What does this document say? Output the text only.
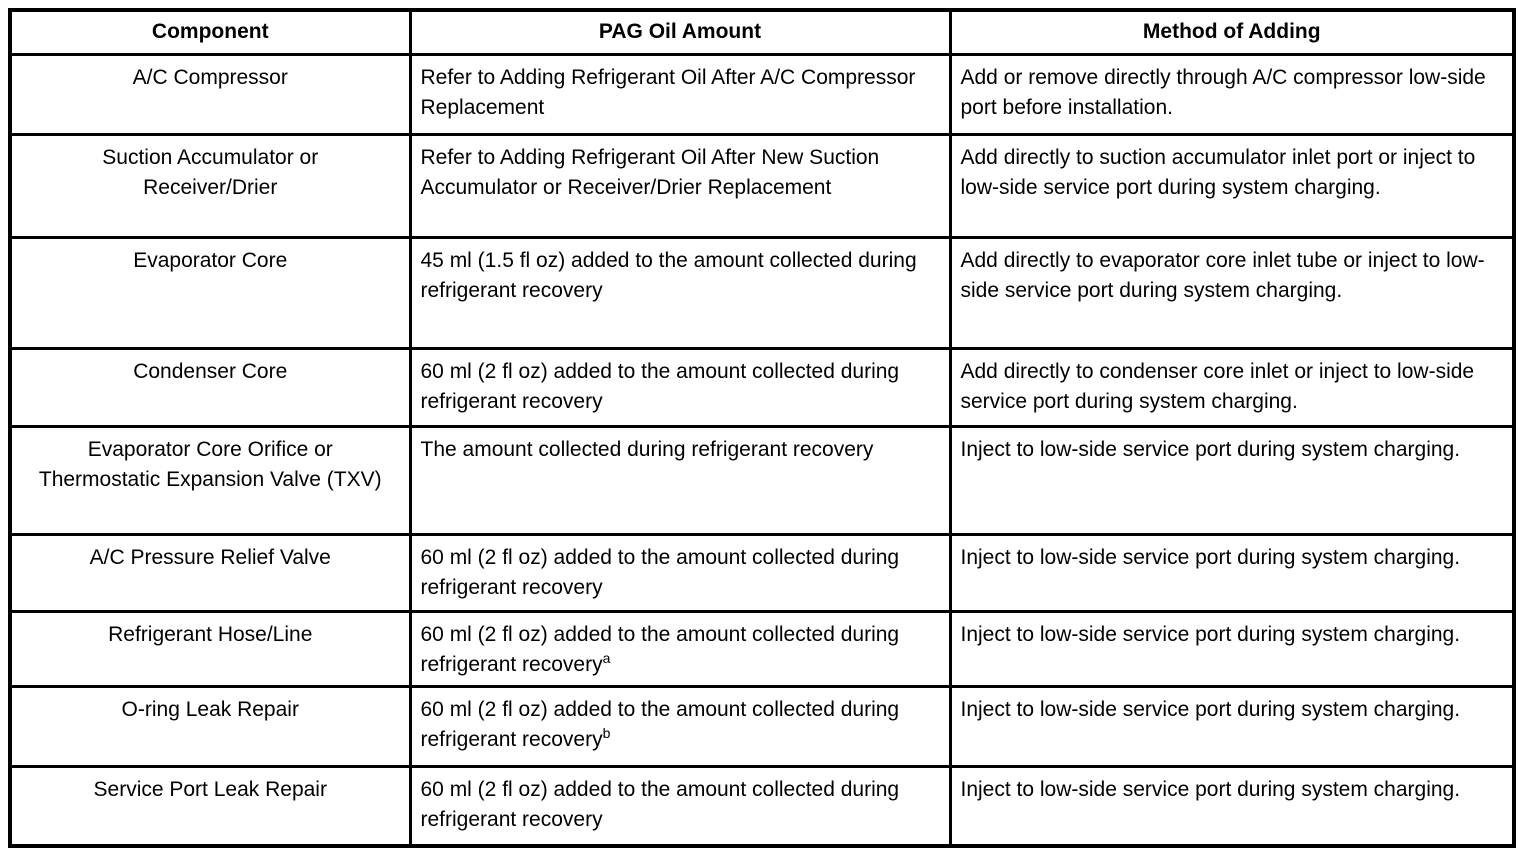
Component	PAG Oil Amount	Method of Adding
A/C Compressor	Refer to Adding Refrigerant Oil After A/C Compressor Replacement	Add or remove directly through A/C compressor low-side port before installation.
Suction Accumulator or Receiver/Drier	Refer to Adding Refrigerant Oil After New Suction Accumulator or Receiver/Drier Replacement	Add directly to suction accumulator inlet port or inject to low-side service port during system charging.
Evaporator Core	45 ml (1.5 fl oz) added to the amount collected during refrigerant recovery	Add directly to evaporator core inlet tube or inject to low-side service port during system charging.
Condenser Core	60 ml (2 fl oz) added to the amount collected during refrigerant recovery	Add directly to condenser core inlet or inject to low-side service port during system charging.
Evaporator Core Orifice or Thermostatic Expansion Valve (TXV)	The amount collected during refrigerant recovery	Inject to low-side service port during system charging.
A/C Pressure Relief Valve	60 ml (2 fl oz) added to the amount collected during refrigerant recovery	Inject to low-side service port during system charging.
Refrigerant Hose/Line	60 ml (2 fl oz) added to the amount collected during refrigerant recovery$^a$	Inject to low-side service port during system charging.
O-ring Leak Repair	60 ml (2 fl oz) added to the amount collected during refrigerant recovery$^b$	Inject to low-side service port during system charging.
Service Port Leak Repair	60 ml (2 fl oz) added to the amount collected during refrigerant recovery	Inject to low-side service port during system charging.
